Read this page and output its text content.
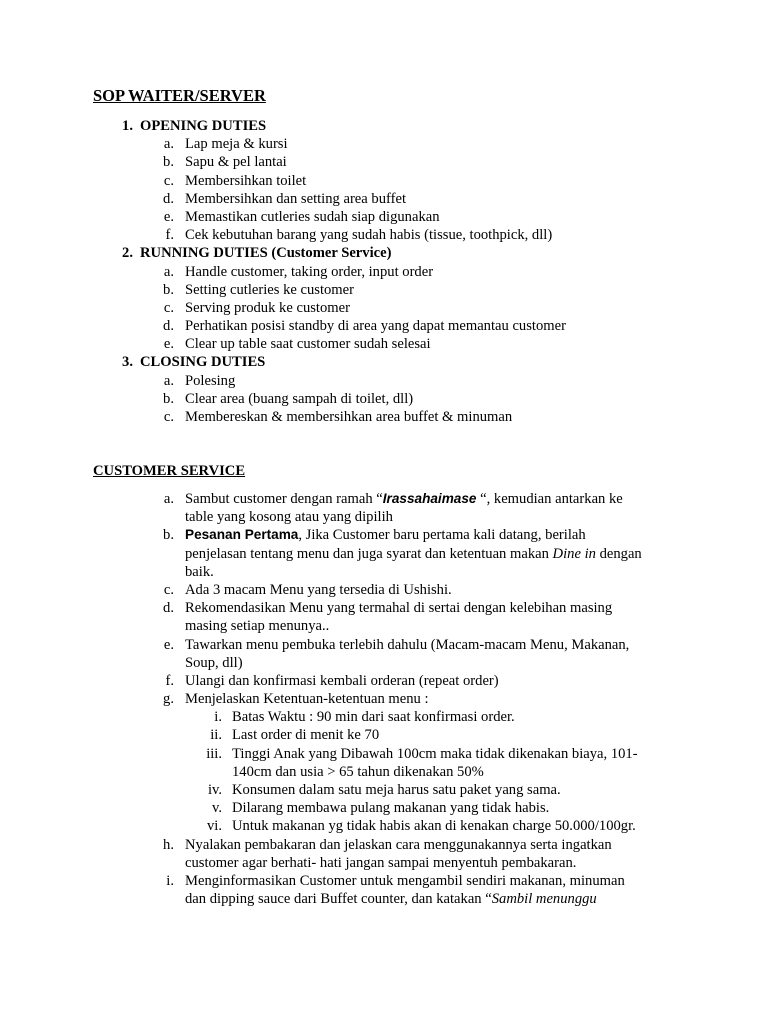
SOP WAITER/SERVER
1. OPENING DUTIES
a. Lap meja & kursi
b. Sapu & pel lantai
c. Membersihkan toilet
d. Membersihkan dan setting area buffet
e. Memastikan cutleries sudah siap digunakan
f. Cek kebutuhan barang yang sudah habis (tissue, toothpick, dll)
2. RUNNING DUTIES (Customer Service)
a. Handle customer, taking order, input order
b. Setting cutleries ke customer
c. Serving produk ke customer
d. Perhatikan posisi standby di area yang dapat memantau customer
e. Clear up table saat customer sudah selesai
3. CLOSING DUTIES
a. Polesing
b. Clear area (buang sampah di toilet, dll)
c. Membereskan & membersihkan area buffet & minuman
CUSTOMER SERVICE
a. Sambut customer dengan ramah “Irassahaimase “, kemudian antarkan ke
table yang kosong atau yang dipilih
b. Pesanan Pertama, Jika Customer baru pertama kali datang, berilah
penjelasan tentang menu dan juga syarat dan ketentuan makan Dine in dengan
baik.
c. Ada 3 macam Menu yang tersedia di Ushishi.
d. Rekomendasikan Menu yang termahal di sertai dengan kelebihan masing
masing setiap menunya..
e. Tawarkan menu pembuka terlebih dahulu (Macam-macam Menu, Makanan,
Soup, dll)
f. Ulangi dan konfirmasi kembali orderan (repeat order)
g. Menjelaskan Ketentuan-ketentuan menu :
i. Batas Waktu : 90 min dari saat konfirmasi order.
ii. Last order di menit ke 70
iii. Tinggi Anak yang Dibawah 100cm maka tidak dikenakan biaya, 101-
140cm dan usia > 65 tahun dikenakan 50%
iv. Konsumen dalam satu meja harus satu paket yang sama.
v. Dilarang membawa pulang makanan yang tidak habis.
vi. Untuk makanan yg tidak habis akan di kenakan charge 50.000/100gr.
h. Nyalakan pembakaran dan jelaskan cara menggunakannya serta ingatkan
customer agar berhati- hati jangan sampai menyentuh pembakaran.
i. Menginformasikan Customer untuk mengambil sendiri makanan, minuman
dan dipping sauce dari Buffet counter, dan katakan “Sambil menunggu
